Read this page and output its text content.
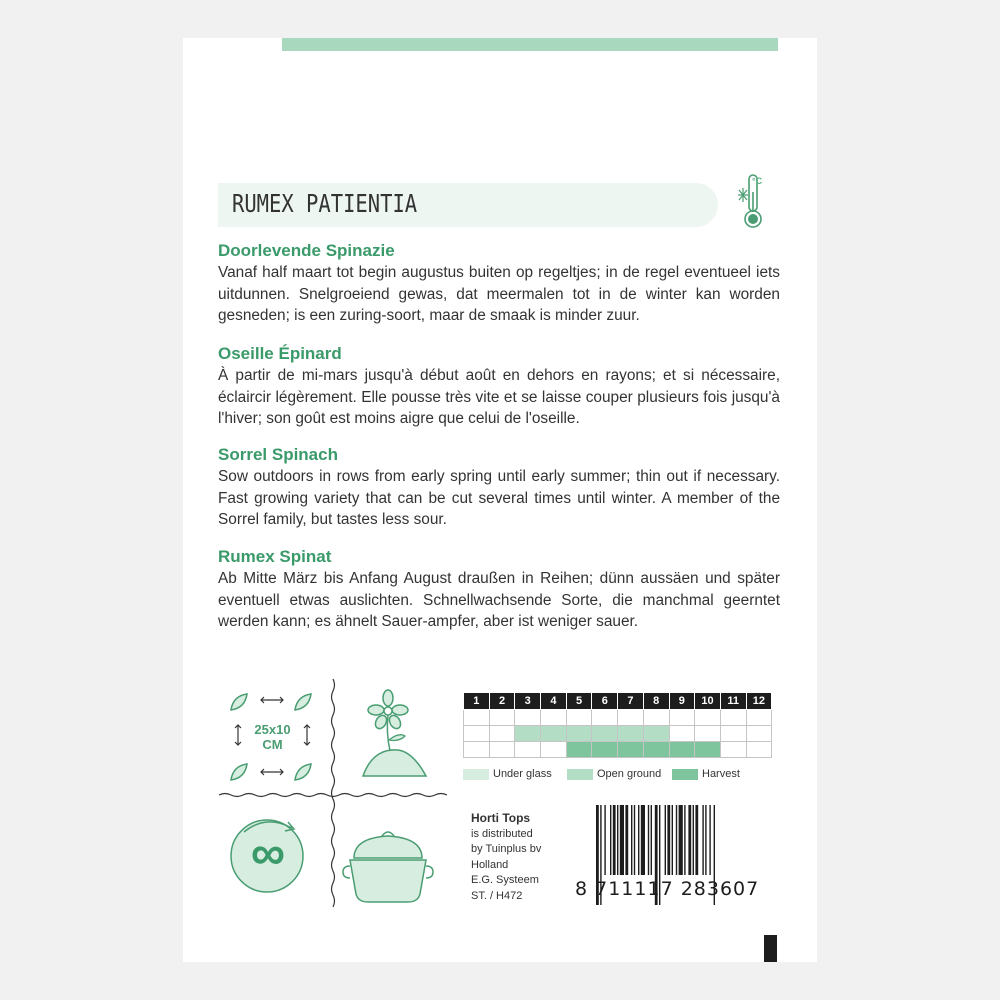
RUMEX PATIENTIA
°C
Doorlevende Spinazie

Vanaf half maart tot begin augustus buiten op regeltjes; in de regel eventueel iets uitdunnen. Snelgroeiend gewas, dat meermalen tot in de winter kan worden gesneden; is een zuring-soort, maar de smaak is minder zuur.

Oseille Épinard

À partir de mi-mars jusqu'à début août en dehors en rayons; et si nécessaire, éclaircir légèrement. Elle pousse très vite et se laisse couper plusieurs fois jusqu'à l'hiver; son goût est moins aigre que celui de l'oseille.

Sorrel Spinach

Sow outdoors in rows from early spring until early summer; thin out if necessary. Fast growing variety that can be cut several times until winter. A member of the Sorrel family, but tastes less sour.

Rumex Spinat

Ab Mitte März bis Anfang August draußen in Reihen; dünn aussäen und später eventuell etwas auslichten. Schnellwachsende Sorte, die manchmal geerntet werden kann; es ähnelt Sauer-ampfer, aber ist weniger sauer.

25x10
CM
∞
1	2	3	4	5	6	7	8	9	10	11	12

Under glass	Open ground	Harvest
Horti Tops
is distributed
by Tuinplus bv
Holland
E.G. Systeem
ST. / H472	8 711117 283607
